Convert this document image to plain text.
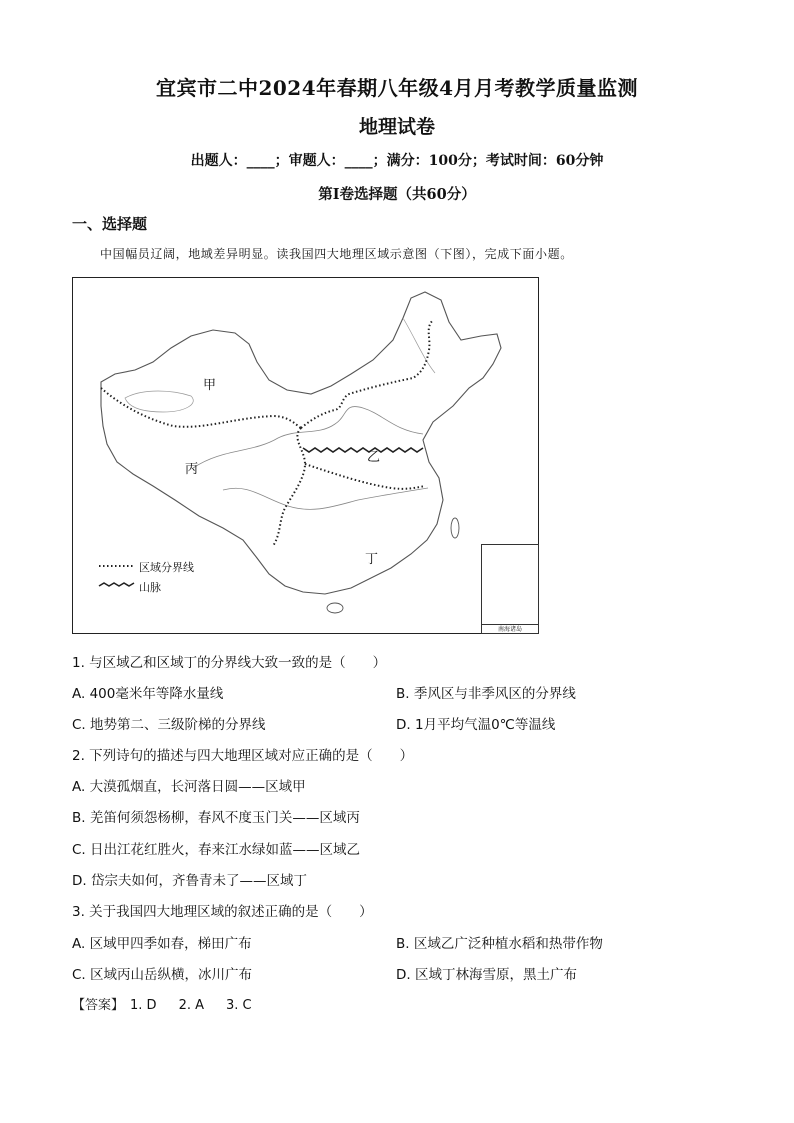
宜宾市二中2024年春期八年级4月月考教学质量监测
地理试卷
出题人：____；审题人：____；满分：100分；考试时间：60分钟
第Ⅰ卷选择题（共60分）
一、选择题
中国幅员辽阔，地域差异明显。读我国四大地理区域示意图（下图），完成下面小题。
甲
乙
丙
丁
区域分界线
山脉
南海诸岛
1. 与区域乙和区域丁的分界线大致一致的是（　　）
A. 400毫米年等降水量线	B. 季风区与非季风区的分界线
C. 地势第二、三级阶梯的分界线	D. 1月平均气温0℃等温线
2. 下列诗句的描述与四大地理区域对应正确的是（　　）
A. 大漠孤烟直，长河落日圆——区域甲
B. 羌笛何须怨杨柳，春风不度玉门关——区域丙
C. 日出江花红胜火，春来江水绿如蓝——区域乙
D. 岱宗夫如何，齐鲁青未了——区域丁
3. 关于我国四大地理区域的叙述正确的是（　　）
A. 区域甲四季如春，梯田广布	B. 区域乙广泛种植水稻和热带作物
C. 区域丙山岳纵横，冰川广布	D. 区域丁林海雪原，黑土广布
【答案】 1. D 2. A 3. C
